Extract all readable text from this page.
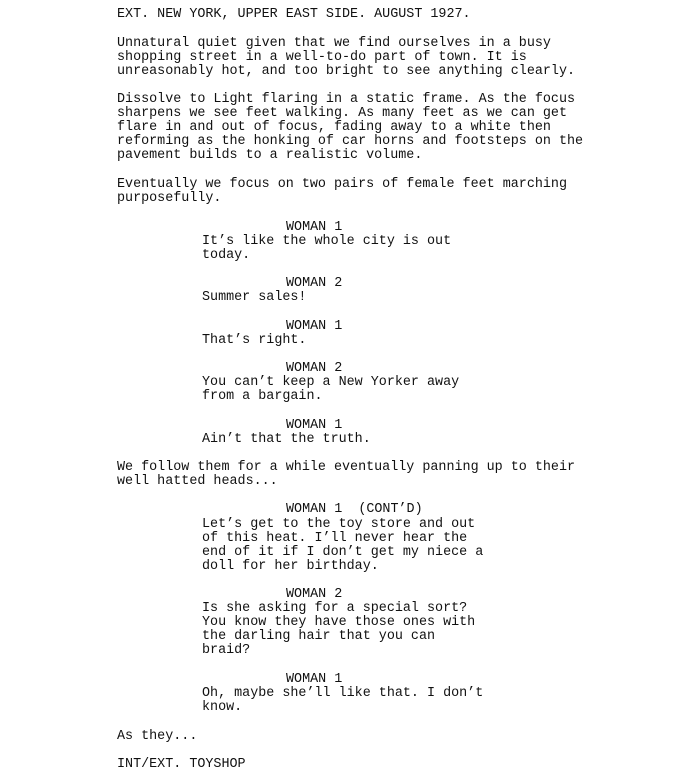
EXT. NEW YORK, UPPER EAST SIDE. AUGUST 1927.
Unnatural quiet given that we find ourselves in a busy
shopping street in a well-to-do part of town. It is
unreasonably hot, and too bright to see anything clearly.
Dissolve to Light flaring in a static frame. As the focus
sharpens we see feet walking. As many feet as we can get
flare in and out of focus, fading away to a white then
reforming as the honking of car horns and footsteps on the
pavement builds to a realistic volume.
Eventually we focus on two pairs of female feet marching
purposefully.
WOMAN 1
It’s like the whole city is out
today.
WOMAN 2
Summer sales!
WOMAN 1
That’s right.
WOMAN 2
You can’t keep a New Yorker away
from a bargain.
WOMAN 1
Ain’t that the truth.
We follow them for a while eventually panning up to their
well hatted heads...
WOMAN 1  (CONT’D)
Let’s get to the toy store and out
of this heat. I’ll never hear the
end of it if I don’t get my niece a
doll for her birthday.
WOMAN 2
Is she asking for a special sort?
You know they have those ones with
the darling hair that you can
braid?
WOMAN 1
Oh, maybe she’ll like that. I don’t
know.
As they...
INT/EXT. TOYSHOP
